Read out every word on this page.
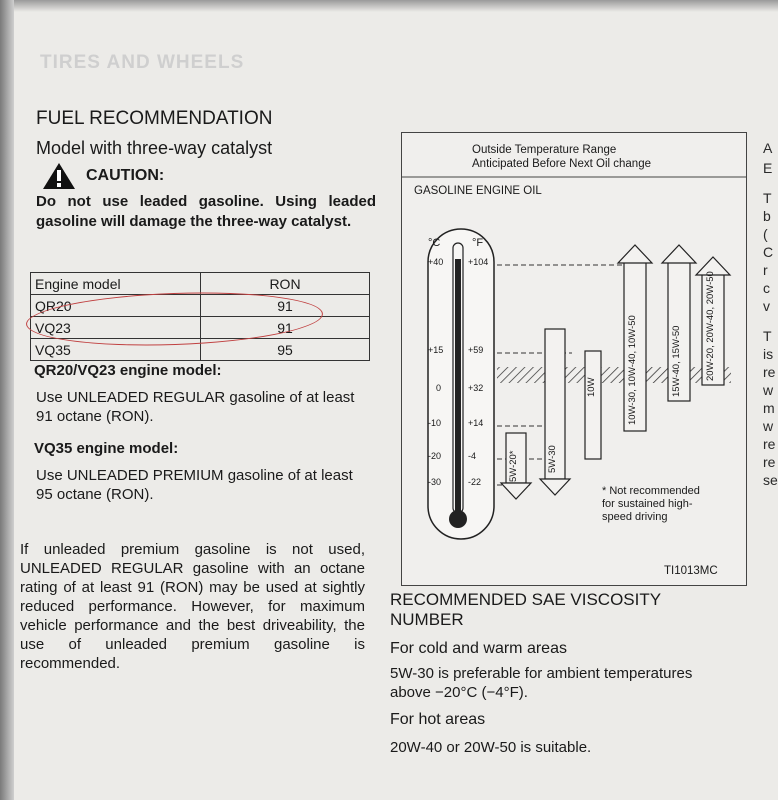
TIRES AND WHEELS
FUEL RECOMMENDATION
Model with three-way catalyst
CAUTION:
Do not use leaded gasoline. Using leaded gasoline will damage the three-way catalyst.
Engine model	RON
QR20	91
VQ23	91
VQ35	95
QR20/VQ23 engine model:
Use UNLEADED REGULAR gasoline of at least 91 octane (RON).
VQ35 engine model:
Use UNLEADED PREMIUM gasoline of at least 95 octane (RON).
If unleaded premium gasoline is not used, UNLEADED REGULAR gasoline with an octane rating of at least 91 (RON) may be used at sightly reduced performance. However, for maximum vehicle performance and the best driveability, the use of unleaded premium gasoline is recommended.
Outside Temperature Range
Anticipated Before Next Oil change
GASOLINE ENGINE OIL
°C	°F
+40
+15
0
-10
-20
-30
+104
+59
+32
+14
-4
-22	5W-20*	5W-30
10W	10W-30, 10W-40, 10W-50	15W-40, 15W-50	20W-20, 20W-40, 20W-50
* Not recommended
for sustained high-
speed driving
TI1013MC
RECOMMENDED SAE VISCOSITY NUMBER
For cold and warm areas
5W-30 is preferable for ambient temperatures above −20°C (−4°F).
For hot areas
20W-40 or 20W-50 is suitable.
A
E
T
b
(
C
r
c
v
T
is
re
w
m
w
re
re
se
